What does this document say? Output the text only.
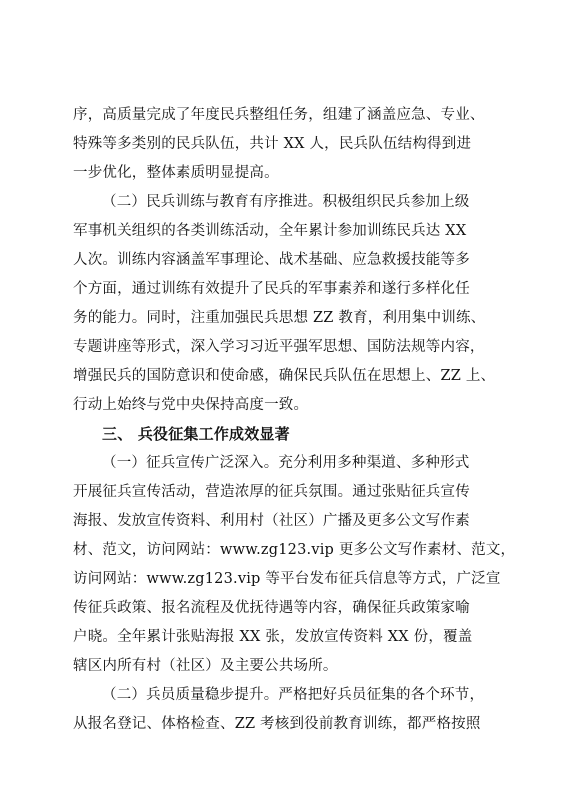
序，高质量完成了年度民兵整组任务，组建了涵盖应急、专业、
特殊等多类别的民兵队伍，共计 XX 人，民兵队伍结构得到进
一步优化，整体素质明显提高。
（二）民兵训练与教育有序推进。积极组织民兵参加上级
军事机关组织的各类训练活动，全年累计参加训练民兵达 XX
人次。训练内容涵盖军事理论、战术基础、应急救援技能等多
个方面，通过训练有效提升了民兵的军事素养和遂行多样化任
务的能力。同时，注重加强民兵思想 ZZ 教育，利用集中训练、
专题讲座等形式，深入学习习近平强军思想、国防法规等内容，
增强民兵的国防意识和使命感，确保民兵队伍在思想上、ZZ 上、
行动上始终与党中央保持高度一致。
三、 兵役征集工作成效显著
（一）征兵宣传广泛深入。充分利用多种渠道、多种形式
开展征兵宣传活动，营造浓厚的征兵氛围。通过张贴征兵宣传
海报、发放宣传资料、利用村（社区）广播及更多公文写作素
材、范文，访问网站：www.zg123.vip 更多公文写作素材、范文，
访问网站：www.zg123.vip 等平台发布征兵信息等方式，广泛宣
传征兵政策、报名流程及优抚待遇等内容，确保征兵政策家喻
户晓。全年累计张贴海报 XX 张，发放宣传资料 XX 份，覆盖
辖区内所有村（社区）及主要公共场所。
（二）兵员质量稳步提升。严格把好兵员征集的各个环节，
从报名登记、体格检查、ZZ 考核到役前教育训练，都严格按照
